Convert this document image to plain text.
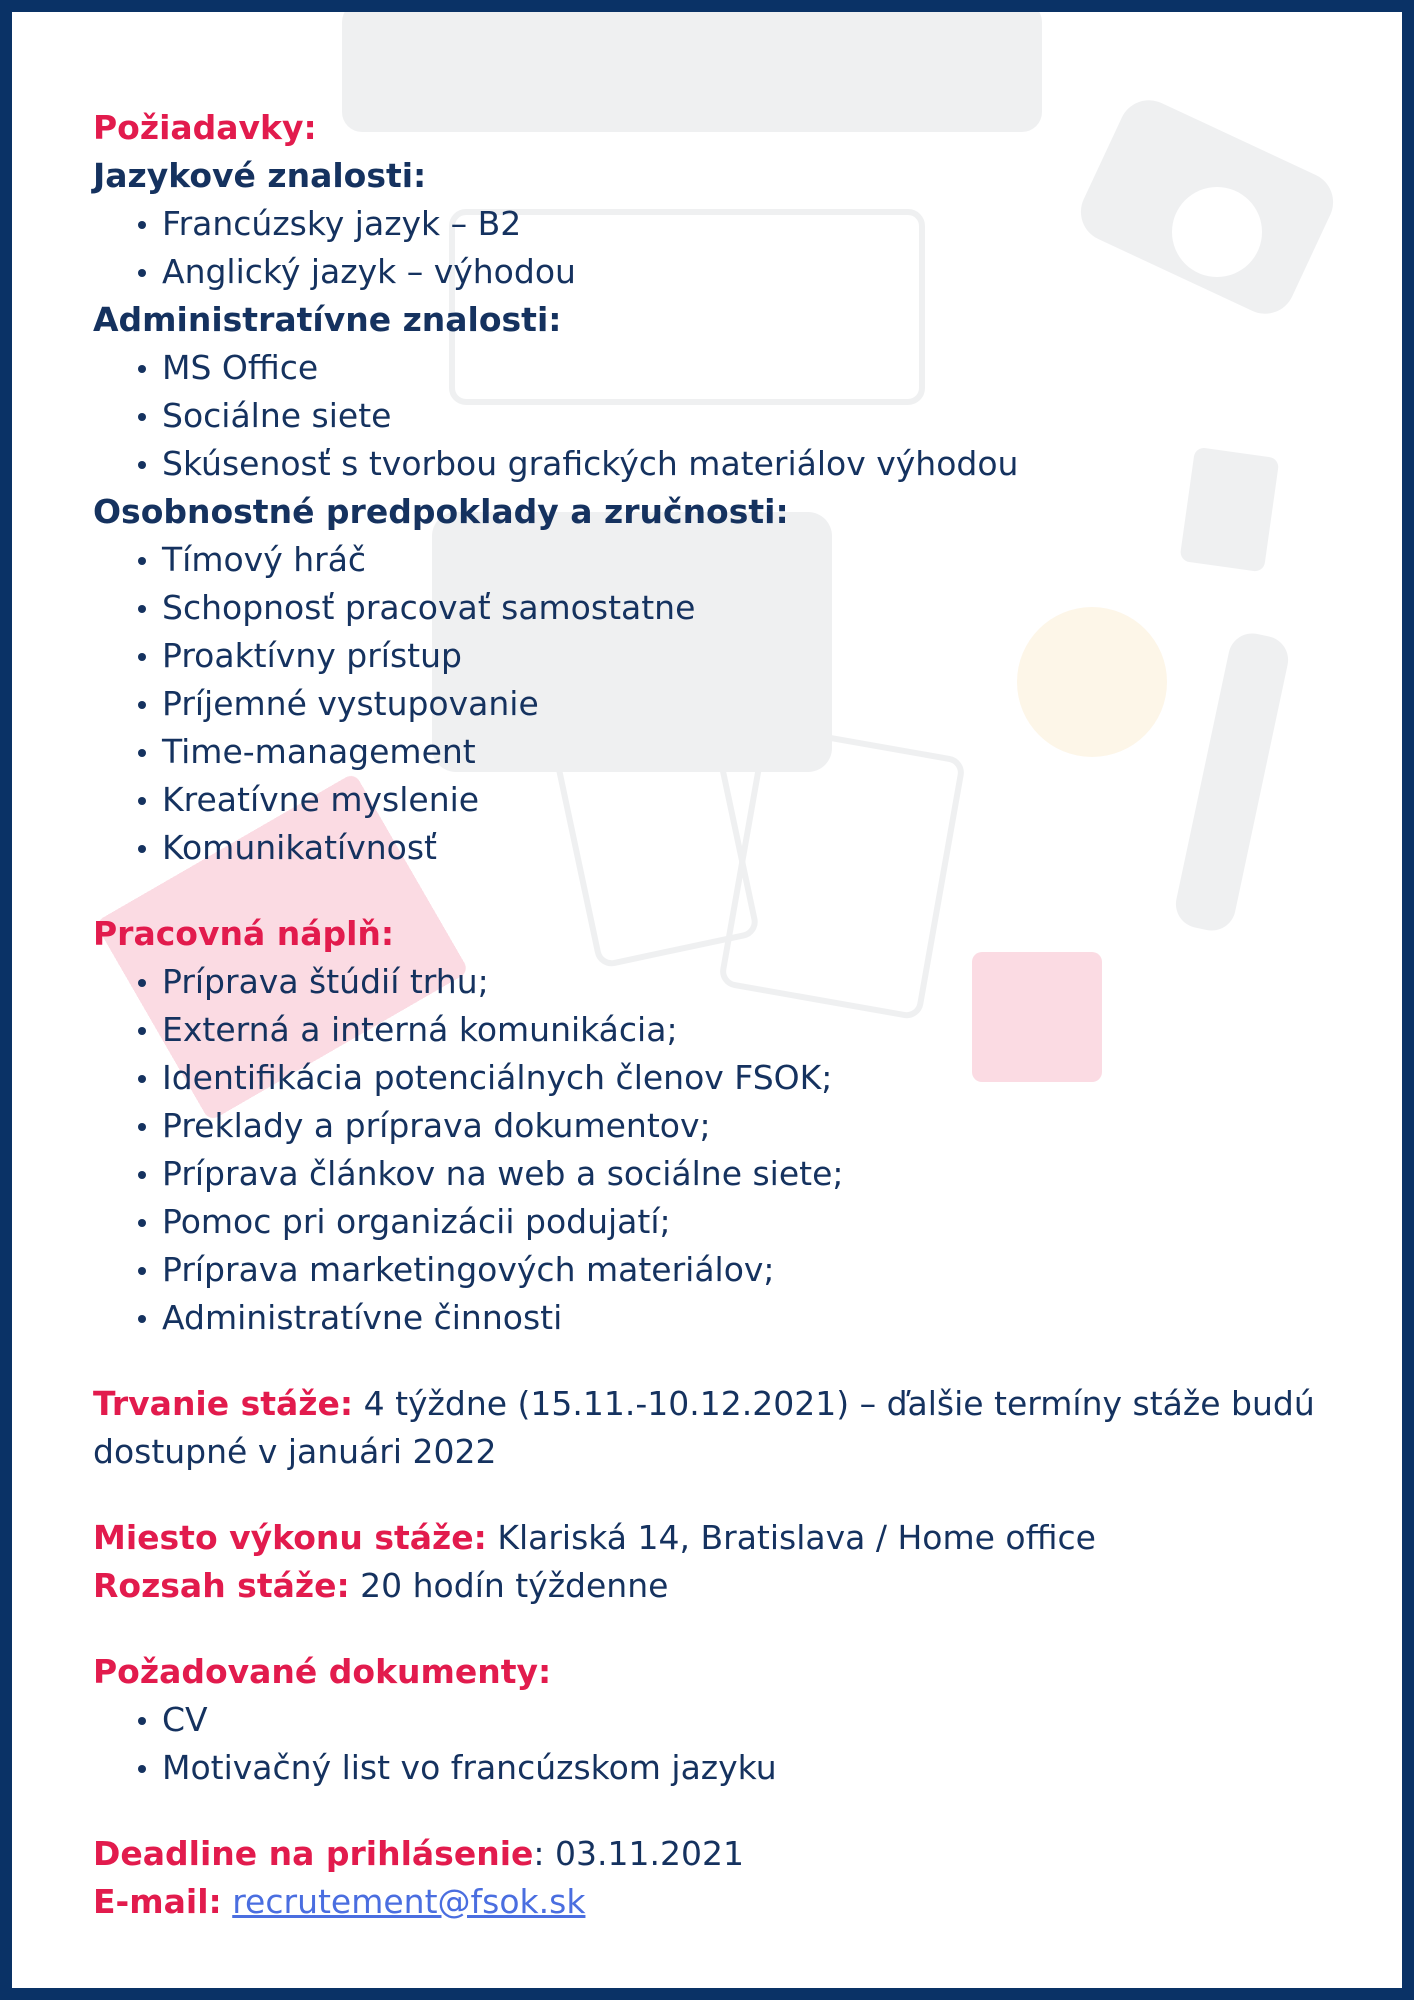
Požiadavky:
Jazykové znalosti:
Francúzsky jazyk – B2
Anglický jazyk – výhodou
Administratívne znalosti:
MS Office
Sociálne siete
Skúsenosť s tvorbou grafických materiálov výhodou
Osobnostné predpoklady a zručnosti:
Tímový hráč
Schopnosť pracovať samostatne
Proaktívny prístup
Príjemné vystupovanie
Time-management
Kreatívne myslenie
Komunikatívnosť
Pracovná náplň:
Príprava štúdií trhu;
Externá a interná komunikácia;
Identifikácia potenciálnych členov FSOK;
Preklady a príprava dokumentov;
Príprava článkov na web a sociálne siete;
Pomoc pri organizácii podujatí;
Príprava marketingových materiálov;
Administratívne činnosti

Trvanie stáže: 4 týždne (15.11.-10.12.2021) – ďalšie termíny stáže budú dostupné v januári 2022

Miesto výkonu stáže: Klariská 14, Bratislava / Home office

Rozsah stáže: 20 hodín týždenne

Požadované dokumenty:
CV
Motivačný list vo francúzskom jazyku

Deadline na prihlásenie: 03.11.2021

E-mail: recrutement@fsok.sk
